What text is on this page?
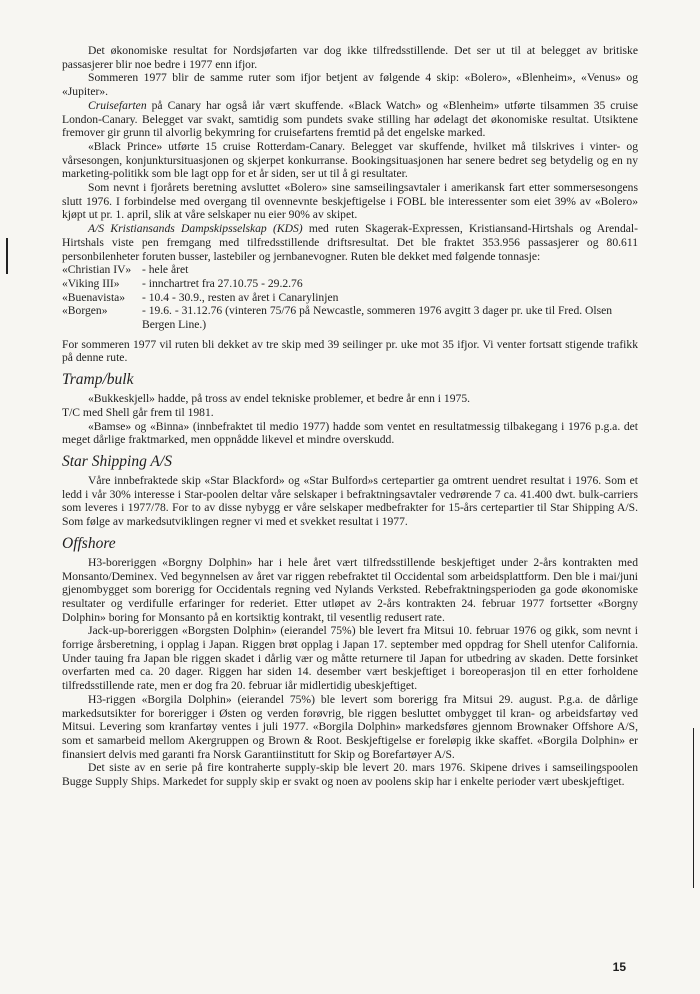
Det økonomiske resultat for Nordsjøfarten var dog ikke tilfredsstillende. Det ser ut til at belegget av britiske passasjerer blir noe bedre i 1977 enn ifjor.

Sommeren 1977 blir de samme ruter som ifjor betjent av følgende 4 skip: «Bolero», «Blenheim», «Venus» og «Jupiter».

Cruisefarten på Canary har også iår vært skuffende. «Black Watch» og «Blenheim» utførte tilsammen 35 cruise London-Canary. Belegget var svakt, samtidig som pundets svake stilling har ødelagt det økonomiske resultat. Utsiktene fremover gir grunn til alvorlig bekymring for cruisefartens fremtid på det engelske marked.

«Black Prince» utførte 15 cruise Rotterdam-Canary. Belegget var skuffende, hvilket må tilskrives i vinter- og vårsesongen, konjunktursituasjonen og skjerpet konkurranse. Bookingsituasjonen har senere bedret seg betydelig og en ny marketing-politikk som ble lagt opp for et år siden, ser ut til å gi resultater.

Som nevnt i fjorårets beretning avsluttet «Bolero» sine samseilingsavtaler i amerikansk fart etter sommersesongens slutt 1976. I forbindelse med overgang til ovennevnte beskjeftigelse i FOBL ble interessenter som eiet 39% av «Bolero» kjøpt ut pr. 1. april, slik at våre selskaper nu eier 90% av skipet.

A/S Kristiansands Dampskipsselskap (KDS) med ruten Skagerak-Expressen, Kristiansand-Hirtshals og Arendal-Hirtshals viste pen fremgang med tilfredsstillende driftsresultat. Det ble fraktet 353.956 passasjerer og 80.611 personbilenheter foruten busser, lastebiler og jernbanevogner. Ruten ble dekket med følgende tonnasje:

«Christian IV» - hele året
«Viking III»	- innchartret fra 27.10.75 - 29.2.76
«Buenavista»	- 10.4 - 30.9., resten av året i Canarylinjen
«Borgen»	- 19.6. - 31.12.76 (vinteren 75/76 på Newcastle, sommeren 1976 avgitt 3 dager pr. uke til Fred. Olsen Bergen Line.)

For sommeren 1977 vil ruten bli dekket av tre skip med 39 seilinger pr. uke mot 35 ifjor. Vi venter fortsatt stigende trafikk på denne rute.

Tramp/bulk

«Bukkeskjell» hadde, på tross av endel tekniske problemer, et bedre år enn i 1975.

T/C med Shell går frem til 1981.

«Bamse» og «Binna» (innbefraktet til medio 1977) hadde som ventet en resultatmessig tilbakegang i 1976 p.g.a. det meget dårlige fraktmarked, men oppnådde likevel et mindre overskudd.

Star Shipping A/S

Våre innbefraktede skip «Star Blackford» og «Star Bulford»s certepartier ga omtrent uendret resultat i 1976. Som et ledd i vår 30% interesse i Star-poolen deltar våre selskaper i befraktningsavtaler vedrørende 7 ca. 41.400 dwt. bulk-carriers som leveres i 1977/78. For to av disse nybygg er våre selskaper medbefrakter for 15-års certepartier til Star Shipping A/S. Som følge av markedsutviklingen regner vi med et svekket resultat i 1977.

Offshore

H3-boreriggen «Borgny Dolphin» har i hele året vært tilfredsstillende beskjeftiget under 2-års kontrakten med Monsanto/Deminex. Ved begynnelsen av året var riggen rebefraktet til Occidental som arbeidsplattform. Den ble i mai/juni gjenombygget som borerigg for Occidentals regning ved Nylands Verksted. Rebefraktningsperioden ga gode økonomiske resultater og verdifulle erfaringer for rederiet. Etter utløpet av 2-års kontrakten 24. februar 1977 fortsetter «Borgny Dolphin» boring for Monsanto på en kortsiktig kontrakt, til vesentlig redusert rate.

Jack-up-boreriggen «Borgsten Dolphin» (eierandel 75%) ble levert fra Mitsui 10. februar 1976 og gikk, som nevnt i forrige årsberetning, i opplag i Japan. Riggen brøt opplag i Japan 17. september med oppdrag for Shell utenfor California. Under tauing fra Japan ble riggen skadet i dårlig vær og måtte returnere til Japan for utbedring av skaden. Dette forsinket overfarten med ca. 20 dager. Riggen har siden 14. desember vært beskjeftiget i boreoperasjon til en etter forholdene tilfredsstillende rate, men er dog fra 20. februar iår midlertidig ubeskjeftiget.

H3-riggen «Borgila Dolphin» (eierandel 75%) ble levert som borerigg fra Mitsui 29. august. P.g.a. de dårlige markedsutsikter for borerigger i Østen og verden forøvrig, ble riggen besluttet ombygget til kran- og arbeidsfartøy ved Mitsui. Levering som kranfartøy ventes i juli 1977. «Borgila Dolphin» markedsføres gjennom Brownaker Offshore A/S, som et samarbeid mellom Akergruppen og Brown & Root. Beskjeftigelse er foreløpig ikke skaffet. «Borgila Dolphin» er finansiert delvis med garanti fra Norsk Garantiinstitutt for Skip og Borefartøyer A/S.

Det siste av en serie på fire kontraherte supply-skip ble levert 20. mars 1976. Skipene drives i samseilingspoolen Bugge Supply Ships. Markedet for supply skip er svakt og noen av poolens skip har i enkelte perioder vært ubeskjeftiget.

15
